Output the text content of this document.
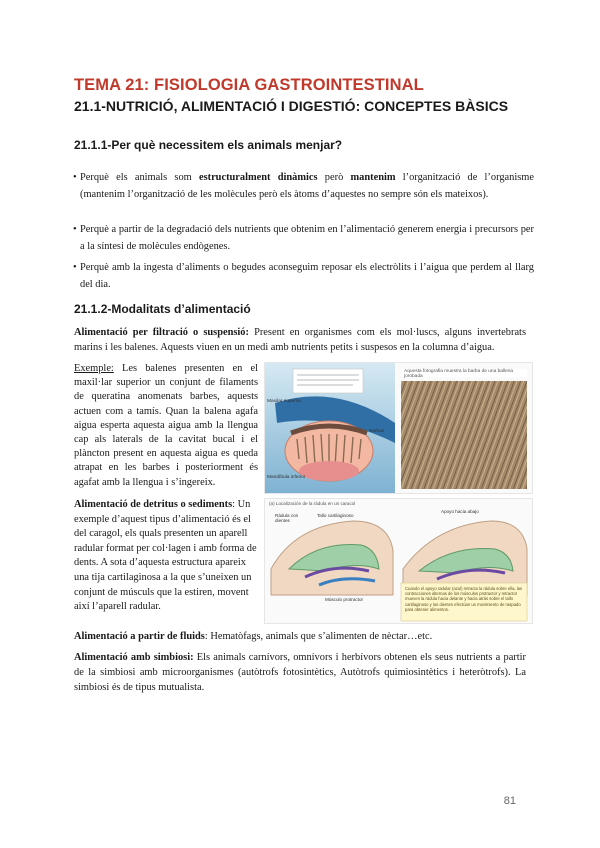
TEMA 21: FISIOLOGIA GASTROINTESTINAL
21.1-NUTRICIÓ, ALIMENTACIÓ I DIGESTIÓ: CONCEPTES BÀSICS
21.1.1-Per què necessitem els animals menjar?
• Perquè els animals som estructuralment dinàmics però mantenim l’organització de l’organisme (mantenim l’organització de les molècules però els àtoms d’aquestes no sempre són els mateixos).
• Perquè a partir de la degradació dels nutrients que obtenim en l’alimentació generem energia i precursors per a la síntesi de molècules endògenes.
• Perquè amb la ingesta d’aliments o begudes aconseguim reposar els electròlits i l’aigua que perdem al llarg del dia.
21.1.2-Modalitats d’alimentació
Alimentació per filtració o suspensió: Present en organismes com els mol·luscs, alguns invertebrats marins i les balenes. Aquests viuen en un medi amb nutrients petits i suspesos en la columna d’aigua.
Exemple: Les balenes presenten en el maxil·lar superior un conjunt de filaments de queratina anomenats barbes, aquests actuen com a tamís. Quan la balena agafa aigua esperta aquesta aigua amb la llengua cap als laterals de la cavitat bucal i el plàncton present en aquesta aigua es queda atrapat en les barbes i posteriorment és agafat amb la llengua i s’ingereix.
Alimentació de detritus o sediments: Un exemple d’aquest tipus d’alimentació és el del caragol, els quals presenten un aparell radular format per col·lagen i amb forma de dents. A sota d’aquesta estructura apareix una tija cartilaginosa a la que s’uneixen un conjunt de músculs que la estiren, movent així l’aparell radular.
Aquesta fotografia muestra la barba de una ballena jorobada
Maxilar superior
Barbas
Mandíbula inferior
(a) Localización de la rádula en un caracol
Rádula con dientes
Tallo cartilaginoso
Músculo protractor
Apoyo hacia abajo
Cuando el apoyo radular (azul) retracta la rádula sobre ella, las contracciones alternas de los músculos protractor y retractor mueven la rádula hacia delante y hacia atrás sobre el tallo cartilaginoso y las dientes efectúan un movimiento de raspado para obtener alimentos.
Alimentació a partir de fluids: Hematòfags, animals que s’alimenten de nèctar…etc.
Alimentació amb simbiosi: Els animals carnívors, omnívors i herbívors obtenen els seus nutrients a partir de la simbiosi amb microorganismes (autòtrofs fotosintètics, Autòtrofs quimiosintètics i heteròtrofs). La simbiosi és de tipus mutualista.
81
